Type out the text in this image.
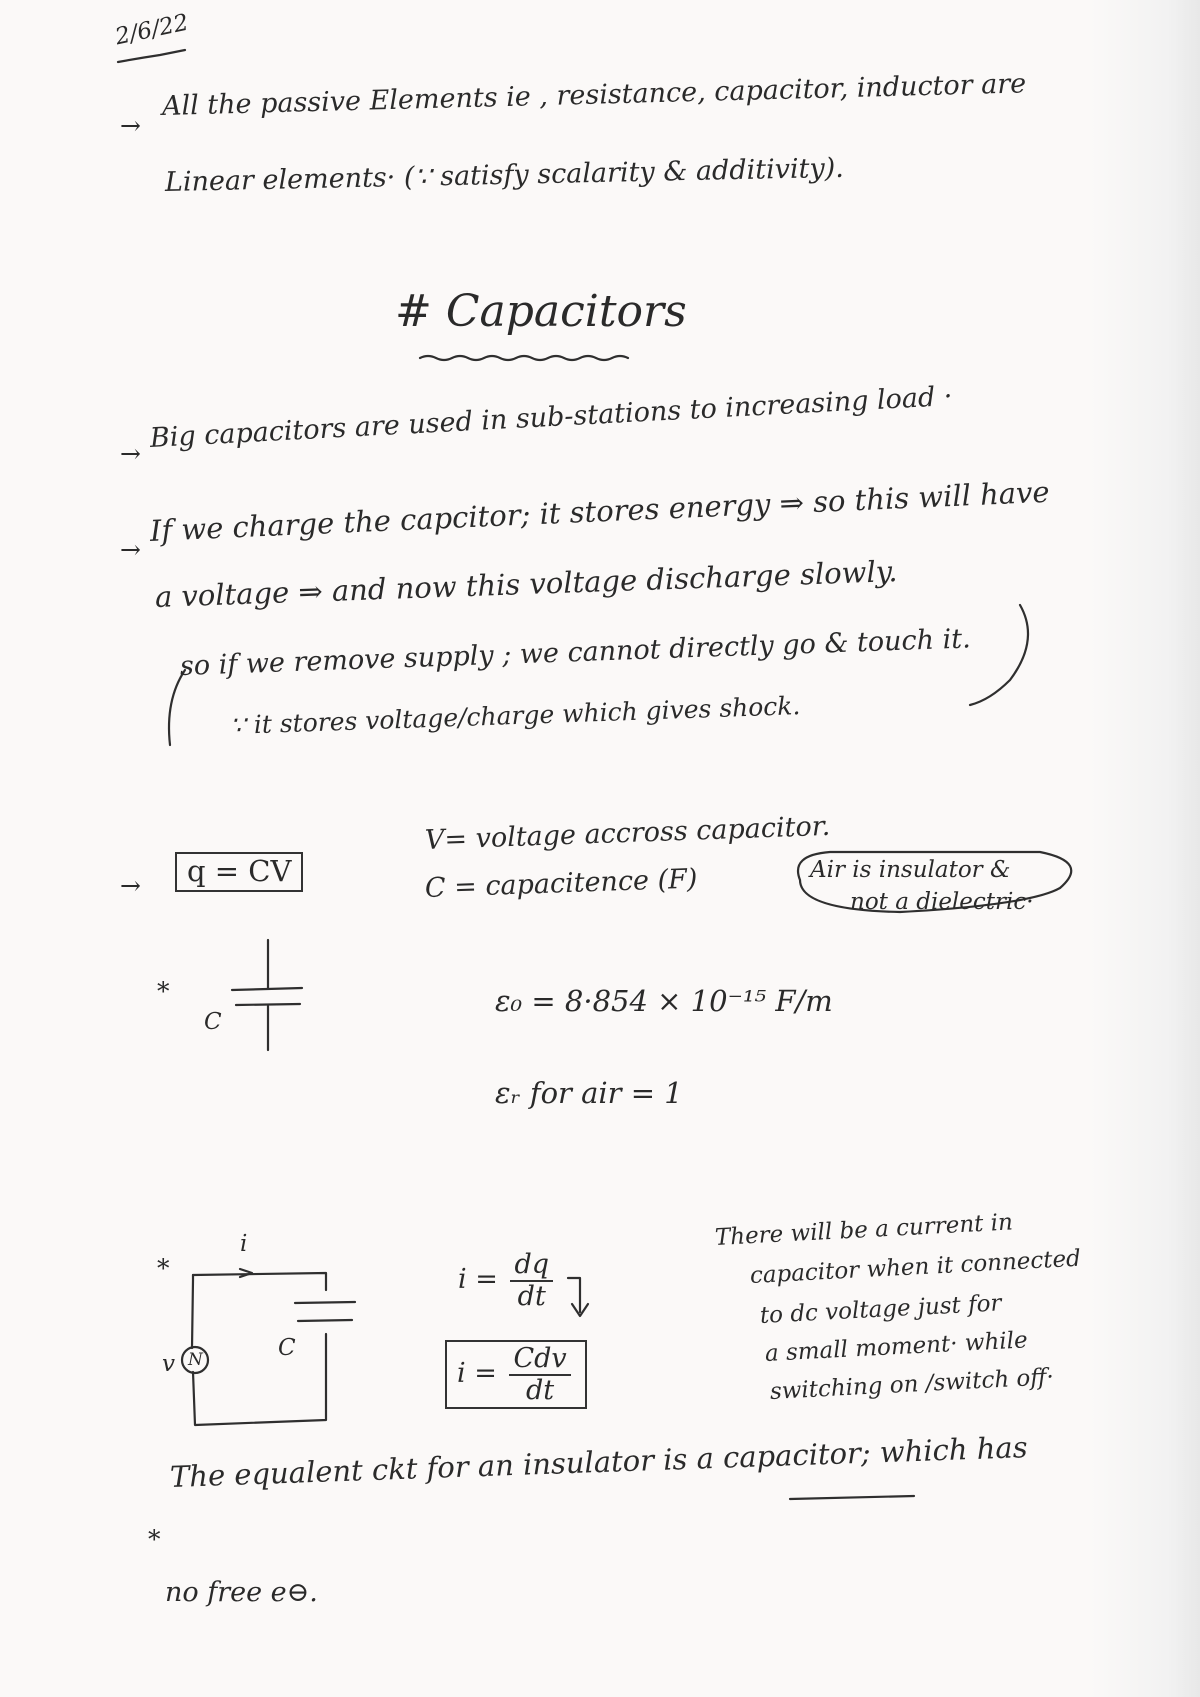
2/6/22
→
All the passive Elements ie , resistance, capacitor, inductor are
Linear elements· (∵ satisfy scalarity & additivity).
# Capacitors
→ Big capacitors are used in sub-stations to increasing load ·
→
If we charge the capcitor; it stores energy ⇒ so this will have
a voltage ⇒ and now this voltage discharge slowly.
so if we remove supply ; we cannot directly go & touch it.
∵ it stores voltage/charge which gives shock.
→	q = CV
V= voltage accross capacitor.
C = capacitence (F)	Air is insulator &
not a dielectric·
*
C
ε₀ = 8·854 × 10⁻¹⁵ F/m
εᵣ for air = 1
*
i
v N	C
$i = \frac{dq}{dt}$
$i = \frac{\text{Cdv}}{dt}$
There will be a current in
capacitor when it connected
to dc voltage just for
a small moment· while
switching on /switch off·
*
The equalent ckt for an insulator is a capacitor; which has
no free e⊖.
